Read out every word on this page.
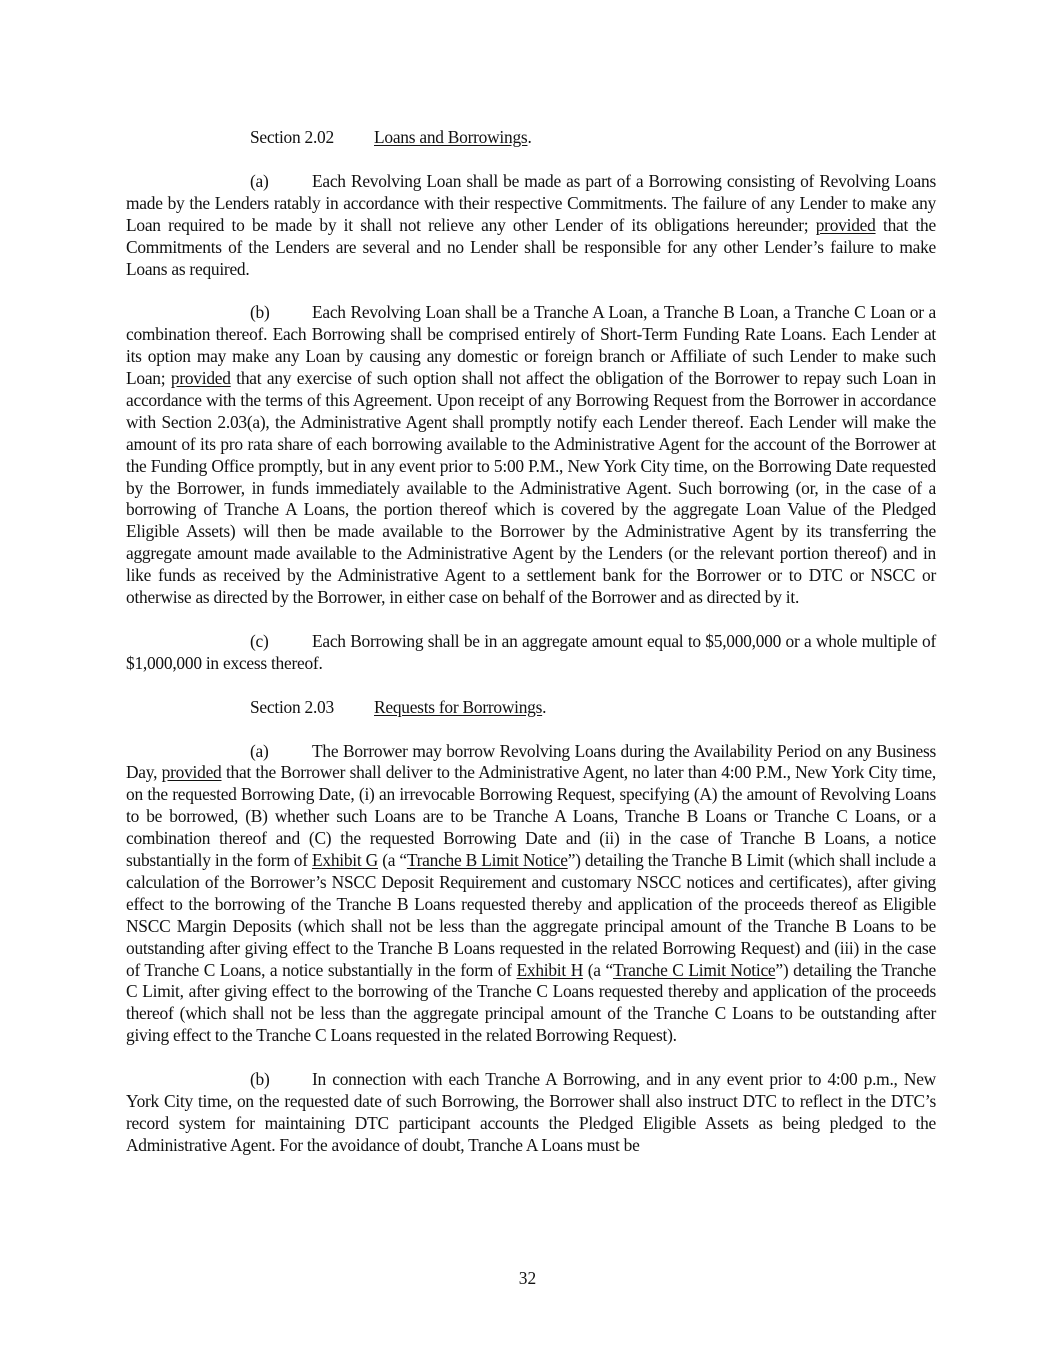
Section 2.02 Loans and Borrowings.

(a) Each Revolving Loan shall be made as part of a Borrowing consisting of Revolving Loans made by the Lenders ratably in accordance with their respective Commitments. The failure of any Lender to make any Loan required to be made by it shall not relieve any other Lender of its obligations hereunder; provided that the Commitments of the Lenders are several and no Lender shall be responsible for any other Lender’s failure to make Loans as required.

(b) Each Revolving Loan shall be a Tranche A Loan, a Tranche B Loan, a Tranche C Loan or a combination thereof. Each Borrowing shall be comprised entirely of Short-Term Funding Rate Loans. Each Lender at its option may make any Loan by causing any domestic or foreign branch or Affiliate of such Lender to make such Loan; provided that any exercise of such option shall not affect the obligation of the Borrower to repay such Loan in accordance with the terms of this Agreement. Upon receipt of any Borrowing Request from the Borrower in accordance with Section 2.03(a), the Administrative Agent shall promptly notify each Lender thereof. Each Lender will make the amount of its pro rata share of each borrowing available to the Administrative Agent for the account of the Borrower at the Funding Office promptly, but in any event prior to 5:00 P.M., New York City time, on the Borrowing Date requested by the Borrower, in funds immediately available to the Administrative Agent. Such borrowing (or, in the case of a borrowing of Tranche A Loans, the portion thereof which is covered by the aggregate Loan Value of the Pledged Eligible Assets) will then be made available to the Borrower by the Administrative Agent by its transferring the aggregate amount made available to the Administrative Agent by the Lenders (or the relevant portion thereof) and in like funds as received by the Administrative Agent to a settlement bank for the Borrower or to DTC or NSCC or otherwise as directed by the Borrower, in either case on behalf of the Borrower and as directed by it.

(c) Each Borrowing shall be in an aggregate amount equal to $5,000,000 or a whole multiple of $1,000,000 in excess thereof.

Section 2.03 Requests for Borrowings.

(a) The Borrower may borrow Revolving Loans during the Availability Period on any Business Day, provided that the Borrower shall deliver to the Administrative Agent, no later than 4:00 P.M., New York City time, on the requested Borrowing Date, (i) an irrevocable Borrowing Request, specifying (A) the amount of Revolving Loans to be borrowed, (B) whether such Loans are to be Tranche A Loans, Tranche B Loans or Tranche C Loans, or a combination thereof and (C) the requested Borrowing Date and (ii) in the case of Tranche B Loans, a notice substantially in the form of Exhibit G (a “Tranche B Limit Notice”) detailing the Tranche B Limit (which shall include a calculation of the Borrower’s NSCC Deposit Requirement and customary NSCC notices and certificates), after giving effect to the borrowing of the Tranche B Loans requested thereby and application of the proceeds thereof as Eligible NSCC Margin Deposits (which shall not be less than the aggregate principal amount of the Tranche B Loans to be outstanding after giving effect to the Tranche B Loans requested in the related Borrowing Request) and (iii) in the case of Tranche C Loans, a notice substantially in the form of Exhibit H (a “Tranche C Limit Notice”) detailing the Tranche C Limit, after giving effect to the borrowing of the Tranche C Loans requested thereby and application of the proceeds thereof (which shall not be less than the aggregate principal amount of the Tranche C Loans to be outstanding after giving effect to the Tranche C Loans requested in the related Borrowing Request).

(b) In connection with each Tranche A Borrowing, and in any event prior to 4:00 p.m., New York City time, on the requested date of such Borrowing, the Borrower shall also instruct DTC to reflect in the DTC’s record system for maintaining DTC participant accounts the Pledged Eligible Assets as being pledged to the Administrative Agent. For the avoidance of doubt, Tranche A Loans must be

32
